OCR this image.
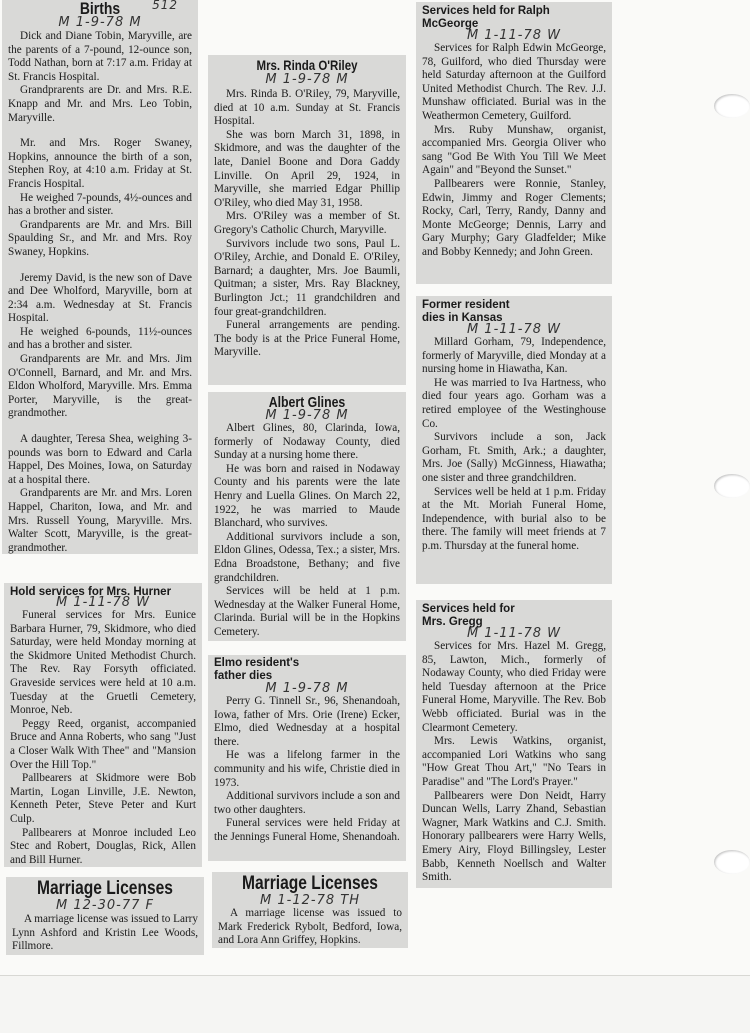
Births	512
M 1-9-78 M

Dick and Diane Tobin, Maryville, are the parents of a 7-pound, 12-ounce son, Todd Nathan, born at 7:17 a.m. Friday at St. Francis Hospital.

Grandprarents are Dr. and Mrs. R.E. Knapp and Mr. and Mrs. Leo Tobin, Maryville.

Mr. and Mrs. Roger Swaney, Hopkins, announce the birth of a son, Stephen Roy, at 4:10 a.m. Friday at St. Francis Hospital.

He weighed 7-pounds, 4½-ounces and has a brother and sister.

Grandparents are Mr. and Mrs. Bill Spaulding Sr., and Mr. and Mrs. Roy Swaney, Hopkins.

Jeremy David, is the new son of Dave and Dee Wholford, Maryville, born at 2:34 a.m. Wednesday at St. Francis Hospital.

He weighed 6-pounds, 11½-ounces and has a brother and sister.

Grandparents are Mr. and Mrs. Jim O'Connell, Barnard, and Mr. and Mrs. Eldon Wholford, Maryville. Mrs. Emma Porter, Maryville, is the great-grandmother.

A daughter, Teresa Shea, weighing 3-pounds was born to Edward and Carla Happel, Des Moines, Iowa, on Saturday at a hospital there.

Grandparents are Mr. and Mrs. Loren Happel, Chariton, Iowa, and Mr. and Mrs. Russell Young, Maryville. Mrs. Walter Scott, Maryville, is the great-grandmother.

Hold services for Mrs. Hurner
M 1-11-78 W

Funeral services for Mrs. Eunice Barbara Hurner, 79, Skidmore, who died Saturday, were held Monday morning at the Skidmore United Methodist Church. The Rev. Ray Forsyth officiated. Graveside services were held at 10 a.m. Tuesday at the Gruetli Cemetery, Monroe, Neb.

Peggy Reed, organist, accompanied Bruce and Anna Roberts, who sang "Just a Closer Walk With Thee" and "Mansion Over the Hill Top."

Pallbearers at Skidmore were Bob Martin, Logan Linville, J.E. Newton, Kenneth Peter, Steve Peter and Kurt Culp.

Pallbearers at Monroe included Leo Stec and Robert, Douglas, Rick, Allen and Bill Hurner.

Marriage Licenses
M 12-30-77 F

A marriage license was issued to Larry Lynn Ashford and Kristin Lee Woods, Fillmore.

Mrs. Rinda O'Riley
M 1-9-78 M

Mrs. Rinda B. O'Riley, 79, Maryville, died at 10 a.m. Sunday at St. Francis Hospital.

She was born March 31, 1898, in Skidmore, and was the daughter of the late, Daniel Boone and Dora Gaddy Linville. On April 29, 1924, in Maryville, she married Edgar Phillip O'Riley, who died May 31, 1958.

Mrs. O'Riley was a member of St. Gregory's Catholic Church, Maryville.

Survivors include two sons, Paul L. O'Riley, Archie, and Donald E. O'Riley, Barnard; a daughter, Mrs. Joe Baumli, Quitman; a sister, Mrs. Ray Blackney, Burlington Jct.; 11 grandchildren and four great-grandchildren.

Funeral arrangements are pending. The body is at the Price Funeral Home, Maryville.

Albert Glines
M 1-9-78 M

Albert Glines, 80, Clarinda, Iowa, formerly of Nodaway County, died Sunday at a nursing home there.

He was born and raised in Nodaway County and his parents were the late Henry and Luella Glines. On March 22, 1922, he was married to Maude Blanchard, who survives.

Additional survivors include a son, Eldon Glines, Odessa, Tex.; a sister, Mrs. Edna Broadstone, Bethany; and five grandchildren.

Services will be held at 1 p.m. Wednesday at the Walker Funeral Home, Clarinda. Burial will be in the Hopkins Cemetery.

Elmo resident's father dies
M 1-9-78 M

Perry G. Tinnell Sr., 96, Shenandoah, Iowa, father of Mrs. Orie (Irene) Ecker, Elmo, died Wednesday at a hospital there.

He was a lifelong farmer in the community and his wife, Christie died in 1973.

Additional survivors include a son and two other daughters.

Funeral services were held Friday at the Jennings Funeral Home, Shenandoah.

Marriage Licenses
M 1-12-78 TH

A marriage license was issued to Mark Frederick Rybolt, Bedford, Iowa, and Lora Ann Griffey, Hopkins.

Services held for Ralph McGeorge
M 1-11-78 W

Services for Ralph Edwin McGeorge, 78, Guilford, who died Thursday were held Saturday afternoon at the Guilford United Methodist Church. The Rev. J.J. Munshaw officiated. Burial was in the Weathermon Cemetery, Guilford.

Mrs. Ruby Munshaw, organist, accompanied Mrs. Georgia Oliver who sang "God Be With You Till We Meet Again" and "Beyond the Sunset."

Pallbearers were Ronnie, Stanley, Edwin, Jimmy and Roger Clements; Rocky, Carl, Terry, Randy, Danny and Monte McGeorge; Dennis, Larry and Gary Murphy; Gary Gladfelder; Mike and Bobby Kennedy; and John Green.

Former resident dies in Kansas
M 1-11-78 W

Millard Gorham, 79, Independence, formerly of Maryville, died Monday at a nursing home in Hiawatha, Kan.

He was married to Iva Hartness, who died four years ago. Gorham was a retired employee of the Westinghouse Co.

Survivors include a son, Jack Gorham, Ft. Smith, Ark.; a daughter, Mrs. Joe (Sally) McGinness, Hiawatha; one sister and three grandchildren.

Services well be held at 1 p.m. Friday at the Mt. Moriah Funeral Home, Independence, with burial also to be there. The family will meet friends at 7 p.m. Thursday at the funeral home.

Services held for Mrs. Gregg
M 1-11-78 W

Services for Mrs. Hazel M. Gregg, 85, Lawton, Mich., formerly of Nodaway County, who died Friday were held Tuesday afternoon at the Price Funeral Home, Maryville. The Rev. Bob Webb officiated. Burial was in the Clearmont Cemetery.

Mrs. Lewis Watkins, organist, accompanied Lori Watkins who sang "How Great Thou Art," "No Tears in Paradise" and "The Lord's Prayer."

Pallbearers were Don Neidt, Harry Duncan Wells, Larry Zhand, Sebastian Wagner, Mark Watkins and C.J. Smith. Honorary pallbearers were Harry Wells, Emery Airy, Floyd Billingsley, Lester Babb, Kenneth Noellsch and Walter Smith.
